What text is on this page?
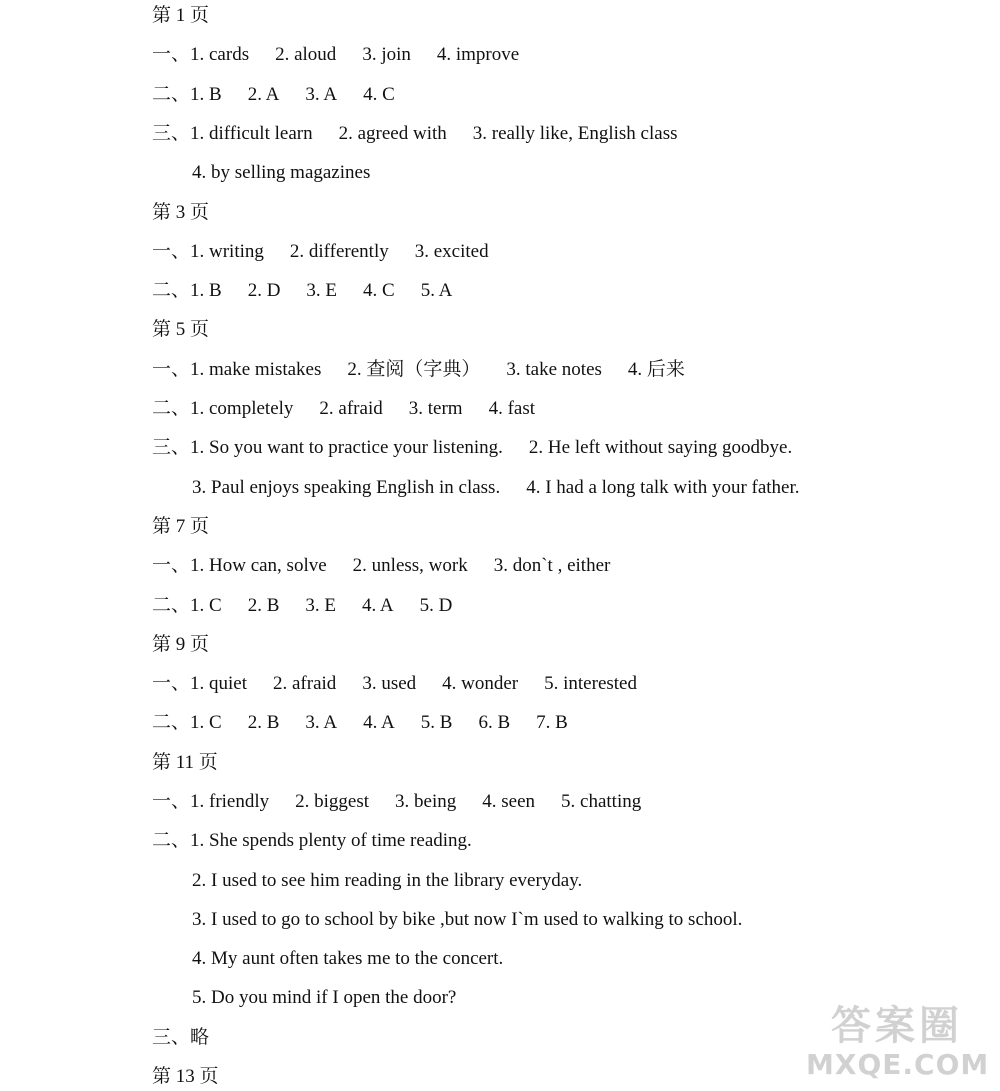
第 1 页
一、1. cards 2. aloud 3. join 4. improve
二、1. B 2. A 3. A 4. C
三、1. difficult learn 2. agreed with 3. really like, English class
4. by selling magazines
第 3 页
一、1. writing 2. differently 3. excited
二、1. B 2. D 3. E 4. C 5. A
第 5 页
一、1. make mistakes 2. 查阅（字典） 3. take notes 4. 后来
二、1. completely 2. afraid 3. term 4. fast
三、1. So you want to practice your listening. 2. He left without saying goodbye.
3. Paul enjoys speaking English in class. 4. I had a long talk with your father.
第 7 页
一、1. How can, solve 2. unless, work 3. don`t , either
二、1. C 2. B 3. E 4. A 5. D
第 9 页
一、1. quiet 2. afraid 3. used 4. wonder 5. interested
二、1. C 2. B 3. A 4. A 5. B 6. B 7. B
第 11 页
一、1. friendly 2. biggest 3. being 4. seen 5. chatting
二、1. She spends plenty of time reading.
2. I used to see him reading in the library everyday.
3. I used to go to school by bike ,but now I`m used to walking to school.
4. My aunt often takes me to the concert.
5. Do you mind if I open the door?
三、略
第 13 页
答案圈
MXQE.COM
